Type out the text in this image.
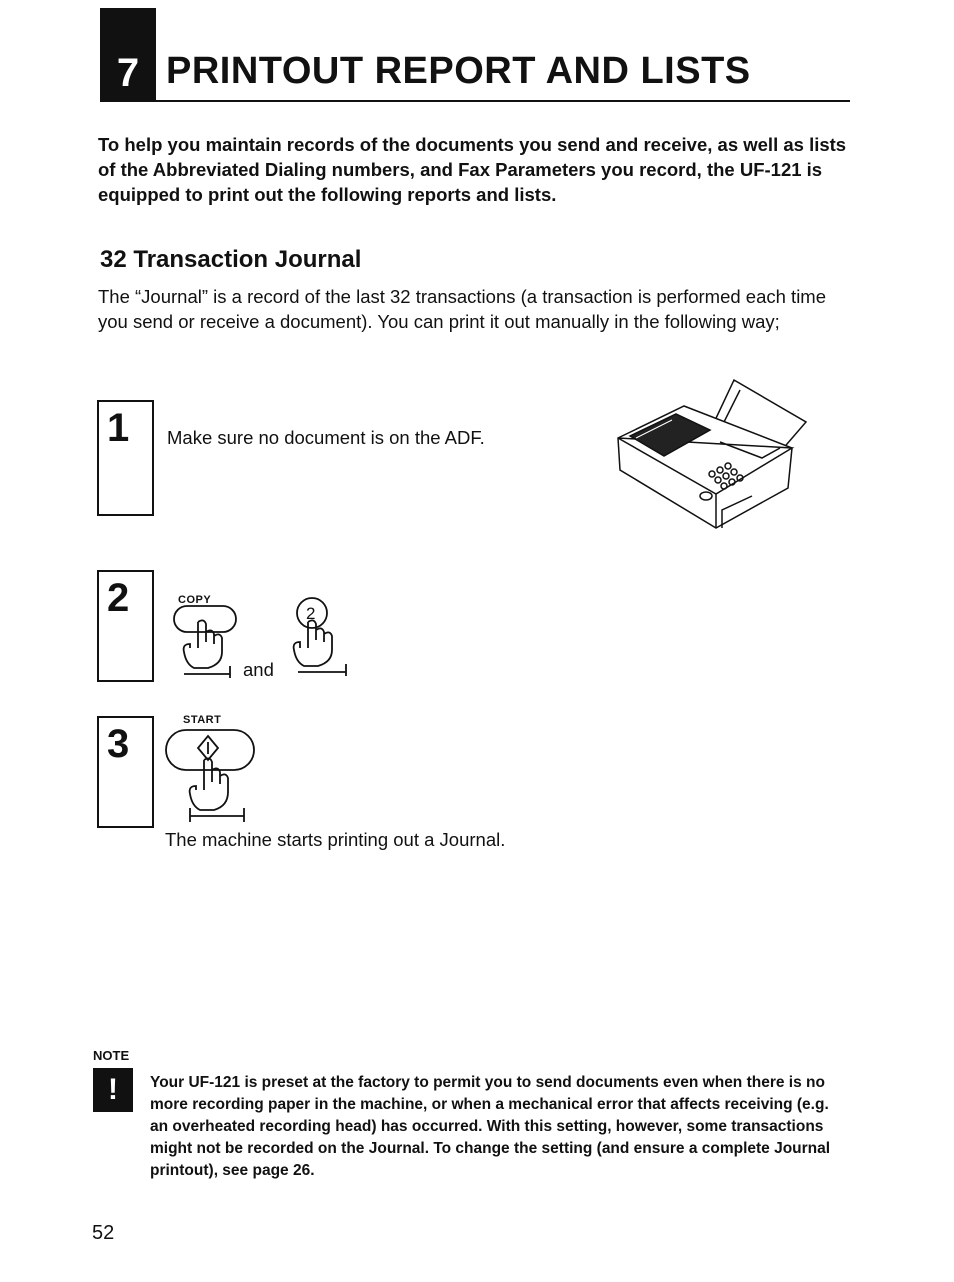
7 PRINTOUT REPORT AND LISTS
To help you maintain records of the documents you send and receive, as well as lists of the Abbreviated Dialing numbers, and Fax Parameters you record, the UF-121 is equipped to print out the following reports and lists.
32 Transaction Journal
The “Journal” is a record of the last 32 transactions (a transaction is performed each time you send or receive a document). You can print it out manually in the following way;
1 Make sure no document is on the ADF.
2	COPY
and
2
3
START
The machine starts printing out a Journal.
NOTE
!	Your UF-121 is preset at the factory to permit you to send documents even when there is no more recording paper in the machine, or when a mechanical error that affects receiving (e.g. an overheated recording head) has occurred. With this setting, however, some transactions might not be recorded on the Journal. To change the setting (and ensure a complete Journal printout), see page 26.
52
